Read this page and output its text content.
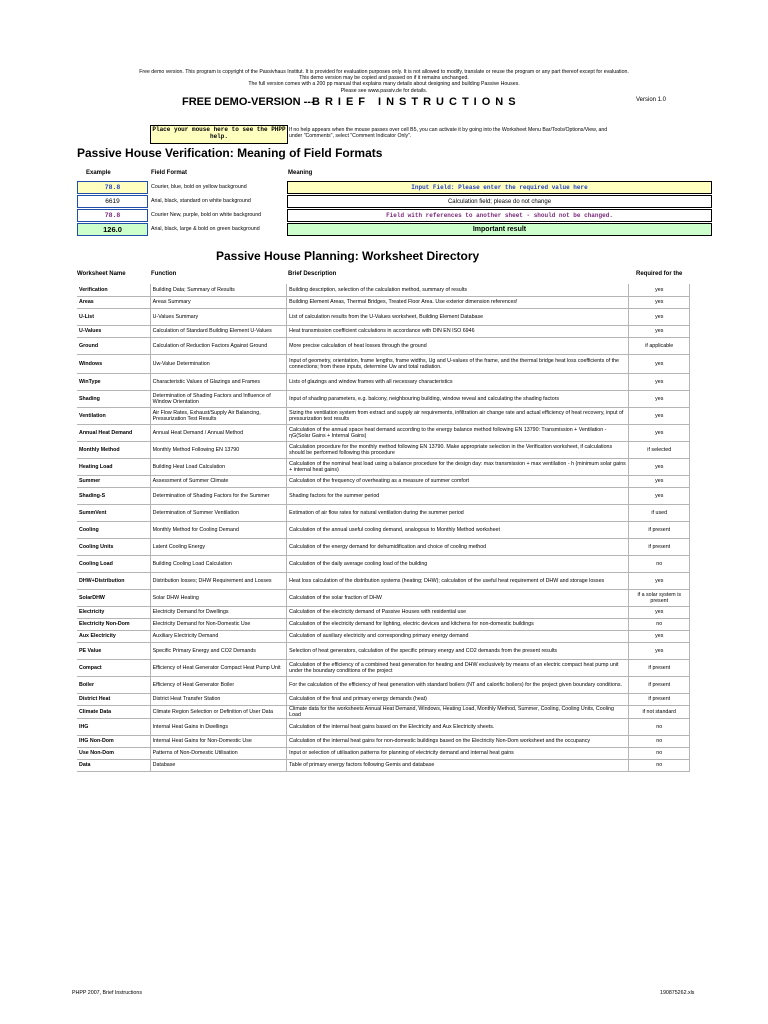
Free demo version. This program is copyright of the Passivhaus Institut. It is provided for evaluation purposes only. It is not allowed to modify, translate or reuse the program or any part thereof except for evaluation.
This demo version may be copied and passed on if it remains unchanged.
The full version comes with a 200 pp manual that explains many details about designing and building Passive Houses.
Please see www.passiv.de for details.
FREE DEMO-VERSION ---
BRIEF INSTRUCTIONS	Version 1.0
Place your mouse here to see the PHPP help.
If no help appears when the mouse passes over cell B5, you can activate it by going into the Worksheet Menu Bar/Tools/Options/View, and under "Comments", select "Comment Indicator Only".
Passive House Verification: Meaning of Field Formats
Example	Field Format	Meaning
78.8	Courier, blue, bold on yellow background	Input Field: Please enter the required value here
6619	Arial, black, standard on white background	Calculation field; please do not change
78.8	Courier New, purple, bold on white background	Field with references to another sheet - should not be changed.
126.0	Arial, black, large & bold on green background	Important result
Passive House Planning: Worksheet Directory
Worksheet Name	Function	Brief Description	Required for the
Verification	Building Data; Summary of Results	Building description, selection of the calculation method, summary of results	yes
Areas	Areas Summary	Building Element Areas, Thermal Bridges, Treated Floor Area. Use exterior dimension references!	yes
U-List	U-Values Summary	List of calculation results from the U-Values worksheet, Building Element Database	yes
U-Values	Calculation of Standard Building Element U-Values	Heat transmission coefficient calculations in accordance with DIN EN ISO 6946	yes
Ground	Calculation of Reduction Factors Against Ground	More precise calculation of heat losses through the ground	if applicable
Windows	Uw-Value Determination	Input of geometry, orientation, frame lengths, frame widths, Ug and U-values of the frame, and the thermal bridge heat loss coefficients of the connections; from these inputs, determine Uw and total radiation.	yes
WinType	Characteristic Values of Glazings and Frames	Lists of glazings and window frames with all necessary characteristics	yes
Shading	Determination of Shading Factors and Influence of Window Orientation	Input of shading parameters, e.g. balcony, neighbouring building, window reveal and calculating the shading factors	yes
Ventilation	Air Flow Rates, Exhaust/Supply Air Balancing, Pressurization Test Results	Sizing the ventilation system from extract and supply air requirements, infiltration air change rate and actual efficiency of heat recovery, input of pressurization test results	yes
Annual Heat Demand	Annual Heat Demand / Annual Method	Calculation of the annual space heat demand according to the energy balance method following EN 13790: Transmission + Ventilation - ηG(Solar Gains + Internal Gains)	yes
Monthly Method	Monthly Method Following EN 13790	Calculation procedure for the monthly method following EN 13790. Make appropriate selection in the Verification worksheet, if calculations should be performed following this procedure	if selected
Heating Load	Building Heat Load Calculation	Calculation of the nominal heat load using a balance procedure for the design day: max transmission + max ventilation - h (minimum solar gains + internal heat gains)	yes
Summer	Assessment of Summer Climate	Calculation of the frequency of overheating as a measure of summer comfort	yes
Shading-S	Determination of Shading Factors for the Summer	Shading factors for the summer period	yes
SummVent	Determination of Summer Ventilation	Estimation of air flow rates for natural ventilation during the summer period	if used
Cooling	Monthly Method for Cooling Demand	Calculation of the annual useful cooling demand, analogous to Monthly Method worksheet	if present
Cooling Units	Latent Cooling Energy	Calculation of the energy demand for dehumidification and choice of cooling method	if present
Cooling Load	Building Cooling Load Calculation	Calculation of the daily average cooling load of the building	no
DHW+Distribution	Distribution losses; DHW Requirement and Losses	Heat loss calculation of the distribution systems (heating; DHW); calculation of the useful heat requirement of DHW and storage losses	yes
SolarDHW	Solar DHW Heating	Calculation of the solar fraction of DHW	if a solar system is present
Electricity	Electricity Demand for Dwellings	Calculation of the electricity demand of Passive Houses with residential use	yes
Electricity Non-Dom	Electricity Demand for Non-Domestic Use	Calculation of the electricity demand for lighting, electric devices and kitchens for non-domestic buildings	no
Aux Electricity	Auxiliary Electricity Demand	Calculation of auxiliary electricity and corresponding primary energy demand	yes
PE Value	Specific Primary Energy and CO2 Demands	Selection of heat generators, calculation of the specific primary energy and CO2 demands from the present results	yes
Compact	Efficiency of Heat Generator Compact Heat Pump Unit	Calculation of the efficiency of a combined heat generation for heating and DHW exclusively by means of an electric compact heat pump unit under the boundary conditions of the project	if present
Boiler	Efficiency of Heat Generator Boiler	For the calculation of the efficiency of heat generation with standard boilers (NT and calorific boilers) for the project given boundary conditions.	if present
District Heat	District Heat Transfer Station	Calculation of the final and primary energy demands (heat)	if present
Climate Data	Climate Region Selection or Definition of User Data	Climate data for the worksheets Annual Heat Demand, Windows, Heating Load, Monthly Method, Summer, Cooling, Cooling Units, Cooling Load	if not standard
IHG	Internal Heat Gains in Dwellings	Calculation of the internal heat gains based on the Electricity and Aux Electricity sheets.	no
IHG Non-Dom	Internal Heat Gains for Non-Domestic Use	Calculation of the internal heat gains for non-domestic buildings based on the Electricity Non-Dom worksheet and the occupancy	no
Use Non-Dom	Patterns of Non-Domestic Utilisation	Input or selection of utilisation patterns for planning of electricity demand and internal heat gains	no
Data	Database	Table of primary energy factors following Gemis and database	no
PHPP 2007, Brief Instructions	190875262.xls
